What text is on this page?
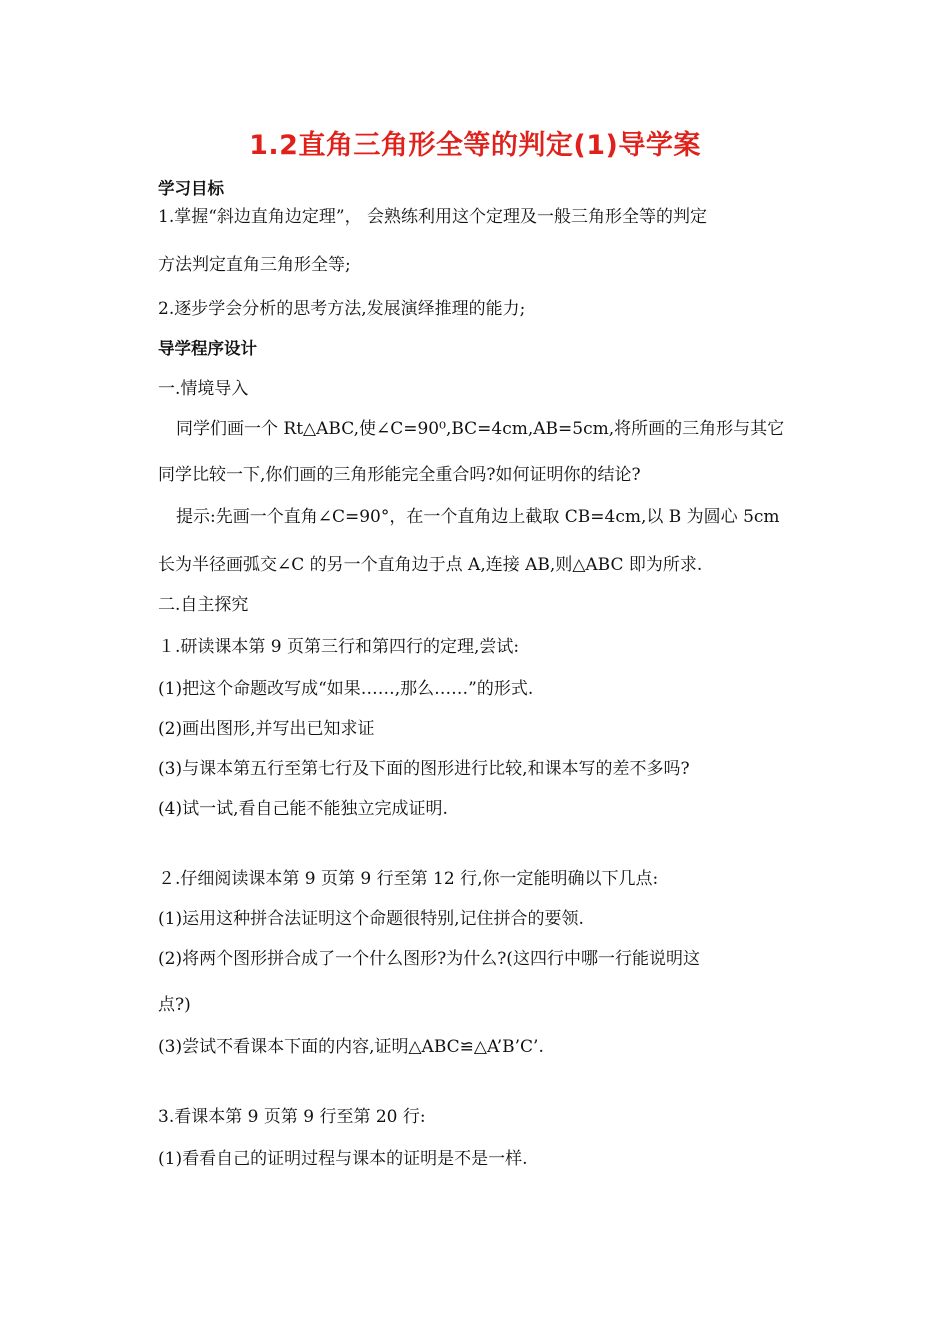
1.2直角三角形全等的判定(1)导学案
学习目标
1.掌握“斜边直角边定理”， 会熟练利用这个定理及一般三角形全等的判定
方法判定直角三角形全等;
2.逐步学会分析的思考方法,发展演绎推理的能力;
导学程序设计
一.情境导入
同学们画一个 Rt△ABC,使∠C=90⁰,BC=4cm,AB=5cm,将所画的三角形与其它
同学比较一下,你们画的三角形能完全重合吗?如何证明你的结论?
提示:先画一个直角∠C=90°，在一个直角边上截取 CB=4cm,以 B 为圆心 5cm
长为半径画弧交∠C 的另一个直角边于点 A,连接 AB,则△ABC 即为所求.
二.自主探究
１.研读课本第 9 页第三行和第四行的定理,尝试:
(1)把这个命题改写成“如果……,那么……”的形式.
(2)画出图形,并写出已知求证
(3)与课本第五行至第七行及下面的图形进行比较,和课本写的差不多吗?
(4)试一试,看自己能不能独立完成证明.
２.仔细阅读课本第 9 页第 9 行至第 12 行,你一定能明确以下几点:
(1)运用这种拼合法证明这个命题很特别,记住拼合的要领.
(2)将两个图形拼合成了一个什么图形?为什么?(这四行中哪一行能说明这
点?)
(3)尝试不看课本下面的内容,证明△ABC≌△A’B’C’.
3.看课本第 9 页第 9 行至第 20 行:
(1)看看自己的证明过程与课本的证明是不是一样.
